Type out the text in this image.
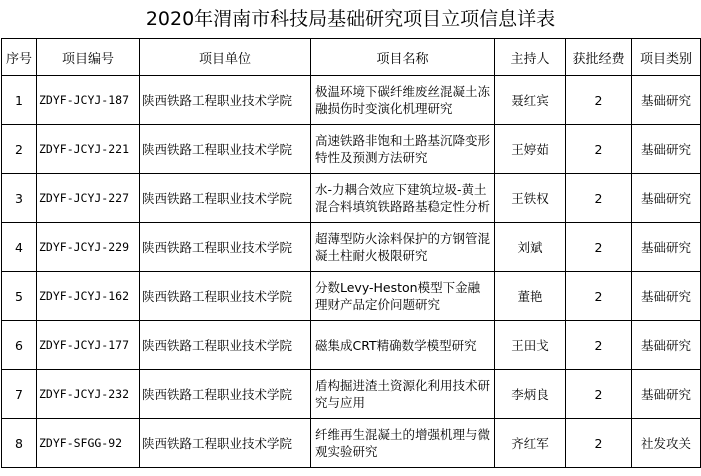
2020年渭南市科技局基础研究项目立项信息详表
序号	项目编号	项目单位	项目名称	主持人	获批经费	项目类别
1	ZDYF-JCYJ-187	陕西铁路工程职业技术学院	极温环境下碳纤维废丝混凝土冻融损伤时变演化机理研究	聂红宾	2	基础研究
2	ZDYF-JCYJ-221	陕西铁路工程职业技术学院	高速铁路非饱和土路基沉降变形特性及预测方法研究	王婷茹	2	基础研究
3	ZDYF-JCYJ-227	陕西铁路工程职业技术学院	水-力耦合效应下建筑垃圾-黄土混合料填筑铁路路基稳定性分析	王铁权	2	基础研究
4	ZDYF-JCYJ-229	陕西铁路工程职业技术学院	超薄型防火涂料保护的方钢管混凝土柱耐火极限研究	刘斌	2	基础研究
5	ZDYF-JCYJ-162	陕西铁路工程职业技术学院	分数Levy-Heston模型下金融理财产品定价问题研究	董艳	2	基础研究
6	ZDYF-JCYJ-177	陕西铁路工程职业技术学院	磁集成CRT精确数学模型研究	王田戈	2	基础研究
7	ZDYF-JCYJ-232	陕西铁路工程职业技术学院	盾构掘进渣土资源化利用技术研究与应用	李炳良	2	基础研究
8	ZDYF-SFGG-92	陕西铁路工程职业技术学院	纤维再生混凝土的增强机理与微观实验研究	齐红军	2	社发攻关
